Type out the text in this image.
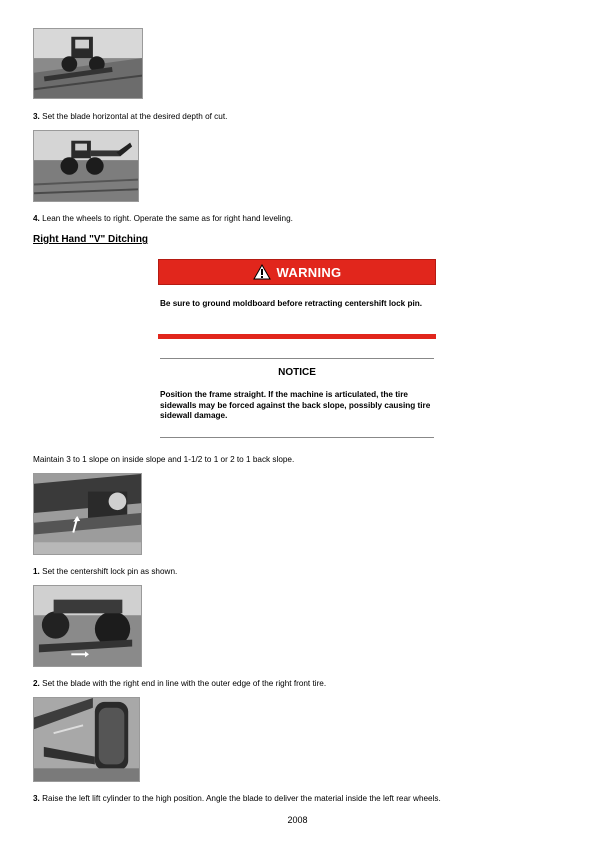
3. Set the blade horizontal at the desired depth of cut.
4. Lean the wheels to right. Operate the same as for right hand leveling.
Right Hand "V" Ditching
WARNING
Be sure to ground moldboard before retracting centershift lock pin.
NOTICE
Position the frame straight. If the machine is articulated, the tire sidewalls may be forced against the back slope, possibly causing tire sidewall damage.
Maintain 3 to 1 slope on inside slope and 1-1/2 to 1 or 2 to 1 back slope.
1. Set the centershift lock pin as shown.
2. Set the blade with the right end in line with the outer edge of the right front tire.
3. Raise the left lift cylinder to the high position. Angle the blade to deliver the material inside the left rear wheels.
2008
